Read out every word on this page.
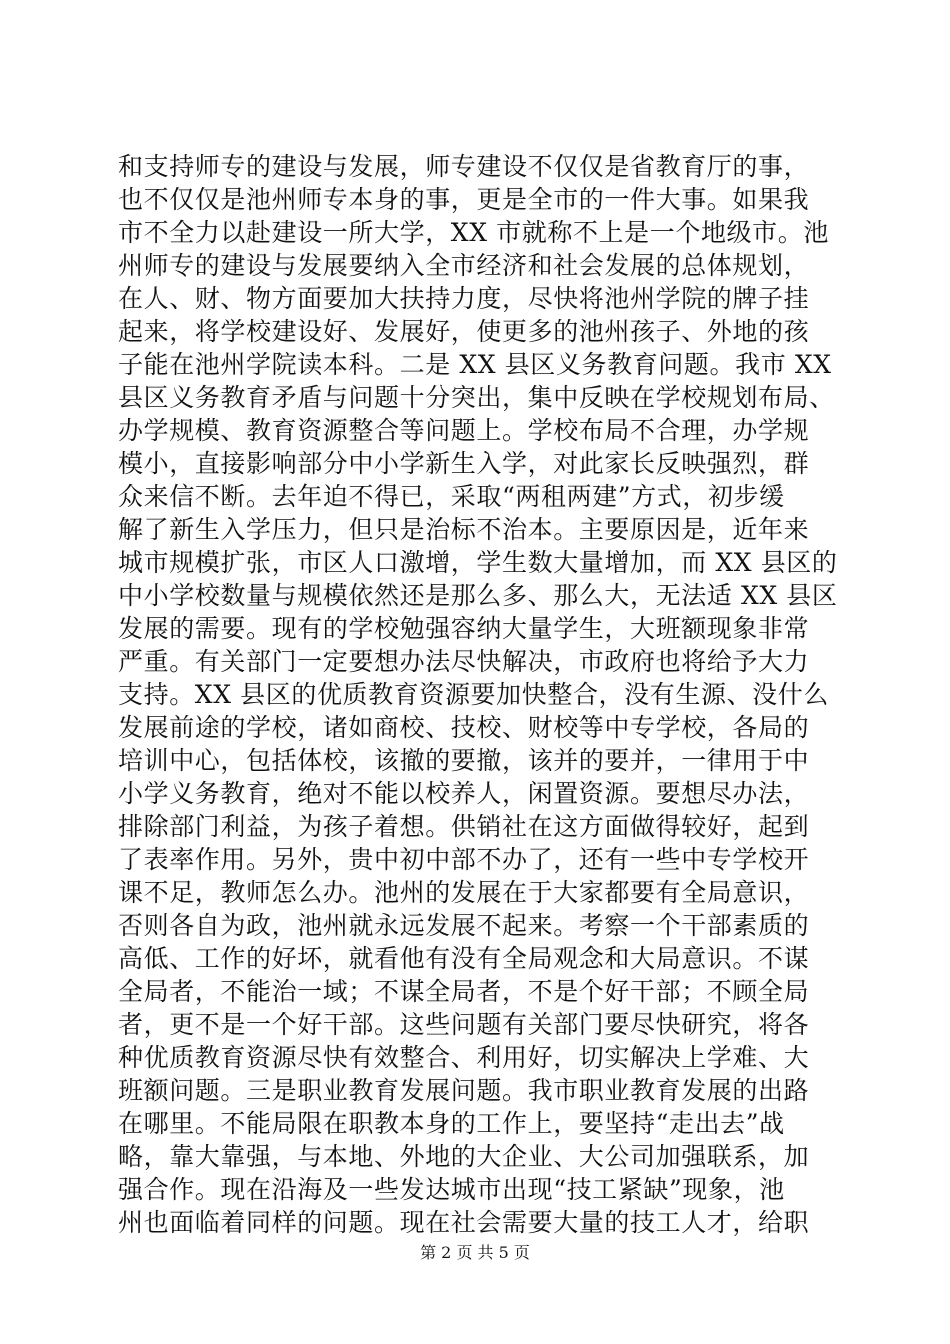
和支持师专的建设与发展，师专建设不仅仅是省教育厅的事，
也不仅仅是池州师专本身的事，更是全市的一件大事。如果我
市不全力以赴建设一所大学，XX 市就称不上是一个地级市。池
州师专的建设与发展要纳入全市经济和社会发展的总体规划，
在人、财、物方面要加大扶持力度，尽快将池州学院的牌子挂
起来，将学校建设好、发展好，使更多的池州孩子、外地的孩
子能在池州学院读本科。二是 XX 县区义务教育问题。我市 XX
县区义务教育矛盾与问题十分突出，集中反映在学校规划布局、
办学规模、教育资源整合等问题上。学校布局不合理，办学规
模小，直接影响部分中小学新生入学，对此家长反映强烈，群
众来信不断。去年迫不得已，采取“两租两建”方式，初步缓
解了新生入学压力，但只是治标不治本。主要原因是，近年来
城市规模扩张，市区人口激增，学生数大量增加，而 XX 县区的
中小学校数量与规模依然还是那么多、那么大，无法适 XX 县区
发展的需要。现有的学校勉强容纳大量学生，大班额现象非常
严重。有关部门一定要想办法尽快解决，市政府也将给予大力
支持。XX 县区的优质教育资源要加快整合，没有生源、没什么
发展前途的学校，诸如商校、技校、财校等中专学校，各局的
培训中心，包括体校，该撤的要撤，该并的要并，一律用于中
小学义务教育，绝对不能以校养人，闲置资源。要想尽办法，
排除部门利益，为孩子着想。供销社在这方面做得较好，起到
了表率作用。另外，贵中初中部不办了，还有一些中专学校开
课不足，教师怎么办。池州的发展在于大家都要有全局意识，
否则各自为政，池州就永远发展不起来。考察一个干部素质的
高低、工作的好坏，就看他有没有全局观念和大局意识。不谋
全局者，不能治一域；不谋全局者，不是个好干部；不顾全局
者，更不是一个好干部。这些问题有关部门要尽快研究，将各
种优质教育资源尽快有效整合、利用好，切实解决上学难、大
班额问题。三是职业教育发展问题。我市职业教育发展的出路
在哪里。不能局限在职教本身的工作上，要坚持“走出去”战
略，靠大靠强，与本地、外地的大企业、大公司加强联系，加
强合作。现在沿海及一些发达城市出现“技工紧缺”现象，池
州也面临着同样的问题。现在社会需要大量的技工人才，给职
第 2 页 共 5 页
